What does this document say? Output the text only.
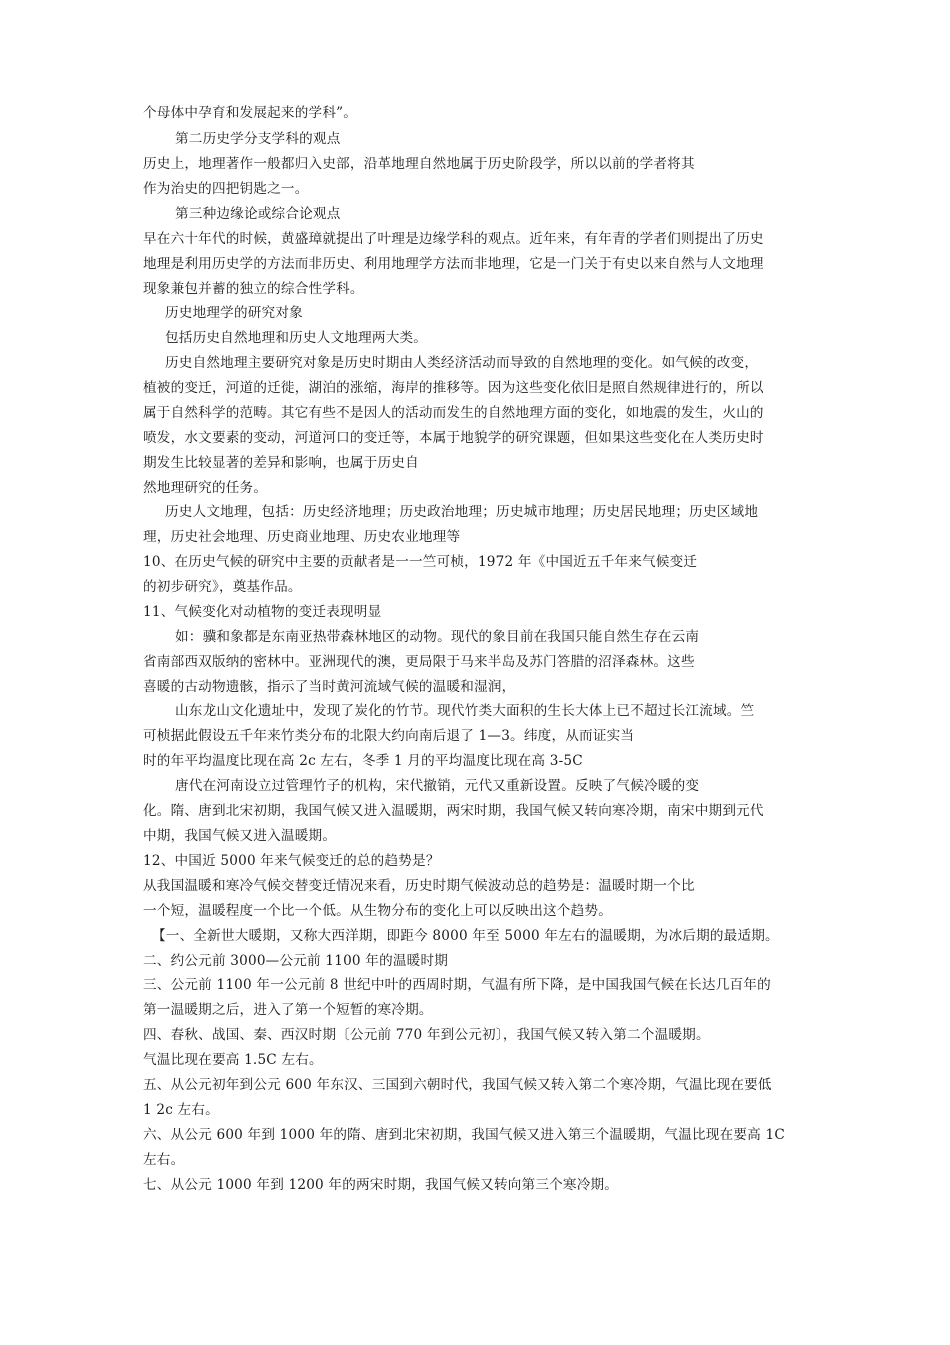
个母体中孕育和发展起来的学科”。
第二历史学分支学科的观点
历史上，地理著作一般都归入史部，沿革地理自然地属于历史阶段学，所以以前的学者将其
作为治史的四把钥匙之一。
第三种边缘论或综合论观点
早在六十年代的时候，黄盛璋就提出了叶理是边缘学科的观点。近年来，有年青的学者们则提出了历史
地理是利用历史学的方法而非历史、利用地理学方法而非地理，它是一门关于有史以来自然与人文地理
现象兼包并蓄的独立的综合性学科。
历史地理学的研究对象
包括历史自然地理和历史人文地理两大类。
历史自然地理主要研究对象是历史时期由人类经济活动而导致的自然地理的变化。如气候的改变，
植被的变迁，河道的迁徙，湖泊的涨缩，海岸的推移等。因为这些变化依旧是照自然规律进行的，所以
属于自然科学的范畴。其它有些不是因人的活动而发生的自然地理方面的变化，如地震的发生，火山的
喷发，水文要素的变动，河道河口的变迁等，本属于地貌学的研究课题，但如果这些变化在人类历史时
期发生比较显著的差异和影响，也属于历史自
然地理研究的任务。
历史人文地理，包括：历史经济地理；历史政治地理；历史城市地理；历史居民地理；历史区域地
理，历史社会地理、历史商业地理、历史农业地理等
10、在历史气候的研究中主要的贡献者是一一竺可桢，1972 年《中国近五千年来气候变迁
的初步研究》，奠基作品。
11、气候变化对动植物的变迁表现明显
如：骥和象都是东南亚热带森林地区的动物。现代的象目前在我国只能自然生存在云南
省南部西双版纳的密林中。亚洲现代的澳，更局限于马来半岛及苏门答腊的沼泽森林。这些
喜暖的古动物遗骸，指示了当时黄河流域气候的温暖和湿润，
山东龙山文化遗址中，发现了炭化的竹节。现代竹类大面积的生长大体上已不超过长江流域。竺
可桢据此假设五千年来竹类分布的北限大约向南后退了 1—3。纬度，从而证实当
时的年平均温度比现在高 2c 左右，冬季 1 月的平均温度比现在高 3-5C
唐代在河南设立过管理竹子的机构，宋代撤销，元代又重新设置。反映了气候冷暖的变
化。隋、唐到北宋初期，我国气候又进入温暖期，两宋时期，我国气候又转向寒冷期，南宋中期到元代
中期，我国气候又进入温暖期。
12、中国近 5000 年来气候变迁的总的趋势是？
从我国温暖和寒冷气候交替变迁情况来看，历史时期气候波动总的趋势是：温暖时期一个比
一个短，温暖程度一个比一个低。从生物分布的变化上可以反映出这个趋势。
【一、全新世大暖期，又称大西洋期，即距今 8000 年至 5000 年左右的温暖期，为冰后期的最适期。
二、约公元前 3000—公元前 1100 年的温暖时期
三、公元前 1100 年一公元前 8 世纪中叶的西周时期，气温有所下降，是中国我国气候在长达几百年的
第一温暖期之后，进入了第一个短暂的寒冷期。
四、春秋、战国、秦、西汉时期〔公元前 770 年到公元初〕，我国气候又转入第二个温暖期。
气温比现在要高 1.5C 左右。
五、从公元初年到公元 600 年东汉、三国到六朝时代，我国气候又转入第二个寒冷期，气温比现在要低
1 2c 左右。
六、从公元 600 年到 1000 年的隋、唐到北宋初期，我国气候又进入第三个温暖期，气温比现在要高 1C
左右。
七、从公元 1000 年到 1200 年的两宋时期，我国气候又转向第三个寒冷期。
